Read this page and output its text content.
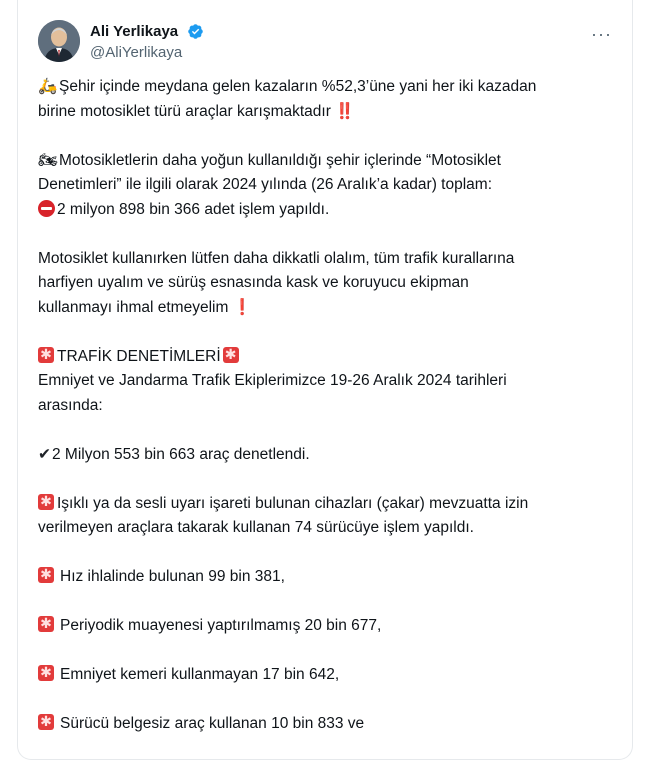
Ali Yerlikaya
@AliYerlikaya
···

🛵 Şehir içinde meydana gelen kazaların %52,3’üne yani her iki kazadan
birine motosiklet türü araçlar karışmaktadır ‼️

🏍Motosikletlerin daha yoğun kullanıldığı şehir içlerinde “Motosiklet
Denetimleri” ile ilgili olarak 2024 yılında (26 Aralık’a kadar) toplam:
2 milyon 898 bin 366 adet işlem yapıldı.

Motosiklet kullanırken lütfen daha dikkatli olalım, tüm trafik kurallarına
harfiyen uyalım ve sürüş esnasında kask ve koruyucu ekipman
kullanmayı ihmal etmeyelim ❗

✱TRAFİK DENETİMLERİ✱
Emniyet ve Jandarma Trafik Ekiplerimizce 19-26 Aralık 2024 tarihleri
arasında:

✔2 Milyon 553 bin 663 araç denetlendi.

✱Işıklı ya da sesli uyarı işareti bulunan cihazları (çakar) mevzuatta izin
verilmeyen araçlara takarak kullanan 74 sürücüye işlem yapıldı.

✱Hız ihlalinde bulunan 99 bin 381,

✱Periyodik muayenesi yaptırılmamış 20 bin 677,

✱Emniyet kemeri kullanmayan 17 bin 642,

✱Sürücü belgesiz araç kullanan 10 bin 833 ve
